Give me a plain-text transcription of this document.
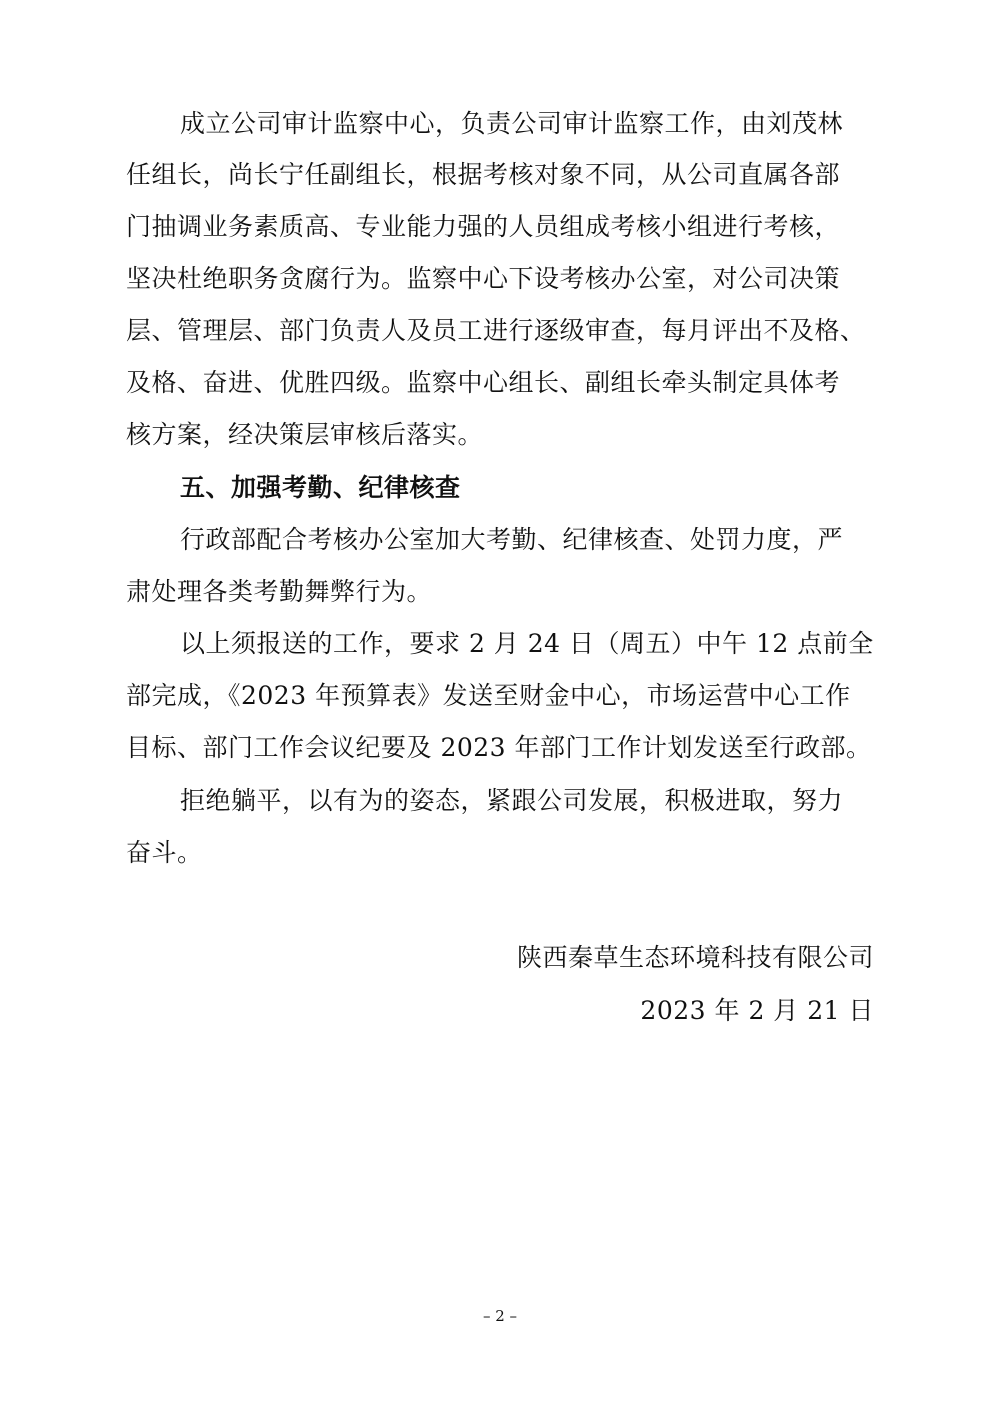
成立公司审计监察中心，负责公司审计监察工作，由刘茂林
任组长，尚长宁任副组长，根据考核对象不同，从公司直属各部
门抽调业务素质高、专业能力强的人员组成考核小组进行考核，
坚决杜绝职务贪腐行为。监察中心下设考核办公室，对公司决策
层、管理层、部门负责人及员工进行逐级审查，每月评出不及格、
及格、奋进、优胜四级。监察中心组长、副组长牵头制定具体考
核方案，经决策层审核后落实。
五、加强考勤、纪律核查
行政部配合考核办公室加大考勤、纪律核查、处罚力度，严
肃处理各类考勤舞弊行为。
以上须报送的工作，要求 2 月 24 日（周五）中午 12 点前全
部完成，《2023 年预算表》发送至财金中心，市场运营中心工作
目标、部门工作会议纪要及 2023 年部门工作计划发送至行政部。
拒绝躺平，以有为的姿态，紧跟公司发展，积极进取，努力
奋斗。
陕西秦草生态环境科技有限公司
2023 年 2 月 21 日
– 2 –
